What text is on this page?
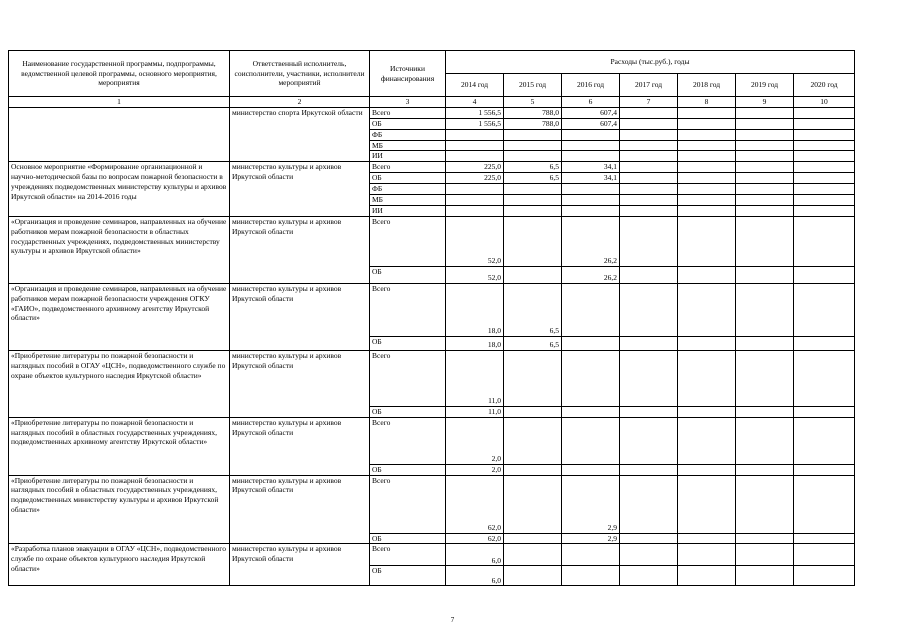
Наименование государственной программы, подпрограммы, ведомственной целевой программы, основного мероприятия, мероприятия	Ответственный исполнитель, соисполнители, участники, исполнители мероприятий	Источники финансирования	Расходы (тыс.руб.), годы						
			2014 год	2015 год	2016 год	2017 год	2018 год	2019 год	2020 год
1	2	3	4	5	6	7	8	9	10
	министерство спорта Иркутской области	Всего	1 556,5	788,0	607,4				
		ОБ	1 556,5	788,0	607,4				
		ФБ							
		МБ							
		ИИ							
Основное мероприятие «Формирование организационной и научно-методической базы по вопросам пожарной безопасности в учреждениях подведомственных министерству культуры и архивов Иркутской области» на 2014-2016 годы	министерство культуры и архивов Иркутской области	Всего	225,0	6,5	34,1				
		ОБ	225,0	6,5	34,1				
		ФБ							
		МБ							
		ИИ							
«Организация и проведение семинаров, направленных на обучение работников мерам пожарной безопасности в областных государственных учреждениях, подведомственных министерству культуры и архивов Иркутской области»	министерство культуры и архивов Иркутской области	Всего	52,0		26,2				
		ОБ	52,0		26,2				
«Организация и проведение семинаров, направленных на обучение работников мерам пожарной безопасности учреждения ОГКУ «ГАИО», подведомственного архивному агентству Иркутской области»	министерство культуры и архивов Иркутской области	Всего	18,0	6,5					
		ОБ	18,0	6,5					
«Приобретение литературы по пожарной безопасности и наглядных пособий в ОГАУ «ЦСН», подведомственного службе по охране объектов культурного наследия Иркутской области»	министерство культуры и архивов Иркутской области	Всего	11,0						
		ОБ	11,0						
«Приобретение литературы по пожарной безопасности и наглядных пособий в областных государственных учреждениях, подведомственных архивному агентству Иркутской области»	министерство культуры и архивов Иркутской области	Всего	2,0						
		ОБ	2,0						
«Приобретение литературы по пожарной безопасности и наглядных пособий в областных государственных учреждениях, подведомственных министерству культуры и архивов Иркутской области»	министерство культуры и архивов Иркутской области	Всего	62,0		2,9				
		ОБ	62,0		2,9				
«Разработка планов эвакуации в ОГАУ «ЦСН», подведомственного службе по охране объектов культурного наследия Иркутской области»	министерство культуры и архивов Иркутской области	Всего	6,0						
		ОБ	6,0						
7
